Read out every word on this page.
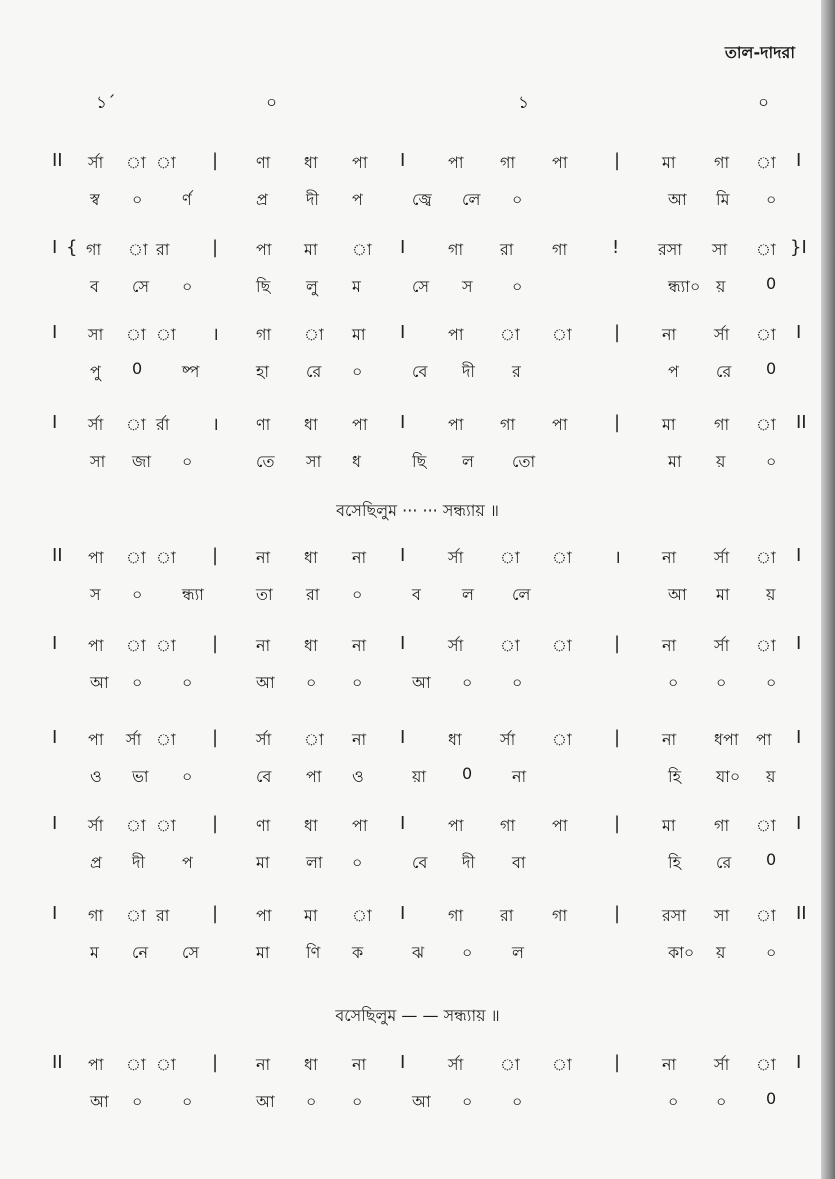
তাল-দাদরা
১´	০	১	০
II র্সা া া | ণা ধা পা I	পা গা পা	|	মা গা া I
স্ব ০ র্ণ	প্র দী প	জ্বে লে ০	আ মি ০
I { গা া রা | পা মা া I	গা রা গা ! রসা সা া }I
ব সে ০	ছি লু ম	সে স ০	ন্ধ্যা০ য়	0
I সা া া । গা া মা I	পা া া |	না র্সা া I
পু 0 ষ্প	হা রে ০	বে দী র	প রে 0
I র্সা া র্রা । ণা ধা পা I	পা গা পা	|	মা গা া II
সা জা ০	তে সা ধ	ছি ল তো	মা য়	০
বসেছিলুম ··· ··· সন্ধ্যায় ॥
II পা া া | না ধা না I	র্সা া া ।	না র্সা া I
স ০ ন্ধ্যা	তা রা ০	ব	ল লে	আ মা য়
I পা া া | না ধা না I	র্সা া া |	না র্সা া I
আ ০ ০	আ ০ ০	আ ০ ০	০ ০ ০
I পা র্সা া | র্সা া না I	ধা র্সা া |	না ধপা পা I
ও ভা ০	বে পা ও	য়া 0 না	হি যা০ য়
I র্সা া া | ণা ধা পা I	পা গা পা	|	মা গা া I
প্র দী প	মা লা ০	বে দী বা	হি রে 0
I গা া রা | পা মা া I	গা রা গা	|	রসা সা া II
ম নে সে	মা ণি ক	ঝ ০ ল	কা০ য়	০
বসেছিলুম — — সন্ধ্যায় ॥
II পা া া | না ধা না I	র্সা া া |	না র্সা া I
আ ০ ০	আ ০ ০	আ ০ ০	০ ০ 0
